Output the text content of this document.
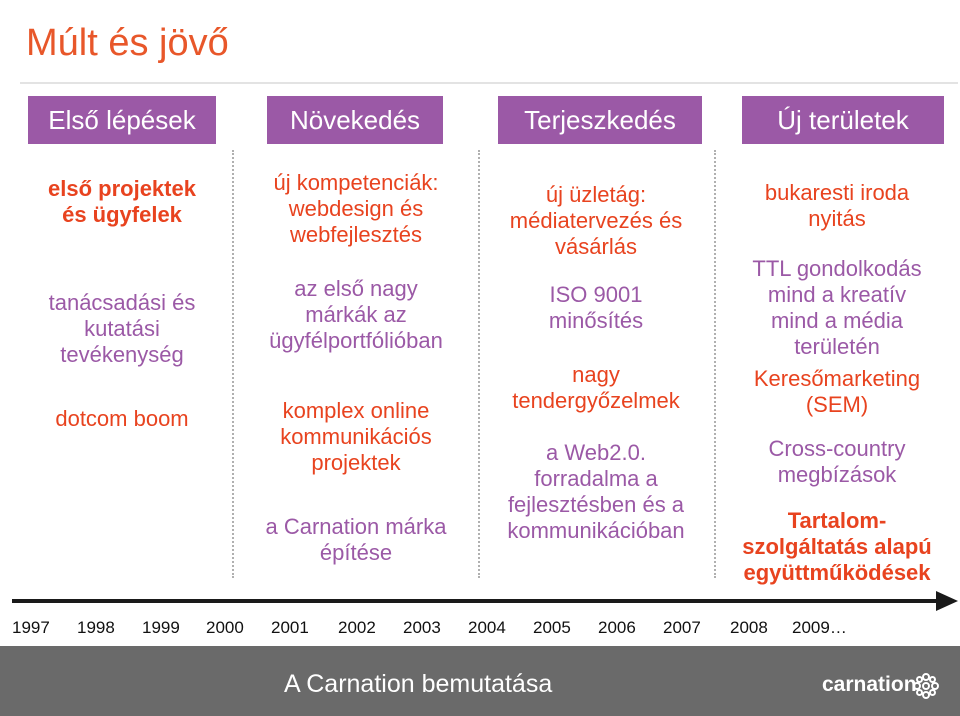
Múlt és jövő
Első lépések	Növekedés	Terjeszkedés	Új területek
első projektek
és ügyfelek
tanácsadási és
kutatási
tevékenység
dotcom boom
új kompetenciák:
webdesign és
webfejlesztés
az első nagy
márkák az
ügyfélportfólióban
komplex online
kommunikációs
projektek
a Carnation márka
építése
új üzletág:
médiatervezés és
vásárlás
ISO 9001
minősítés
nagy
tendergyőzelmek
a Web2.0.
forradalma a
fejlesztésben és a
kommunikációban
bukaresti iroda
nyitás
TTL gondolkodás
mind a kreatív
mind a média
területén
Keresőmarketing
(SEM)
Cross-country
megbízások
Tartalom-
szolgáltatás alapú
együttműködések
1997 1998 1999 2000 2001 2002 2003 2004 2005 2006 2007 2008 2009…
A Carnation bemutatása	carnation
